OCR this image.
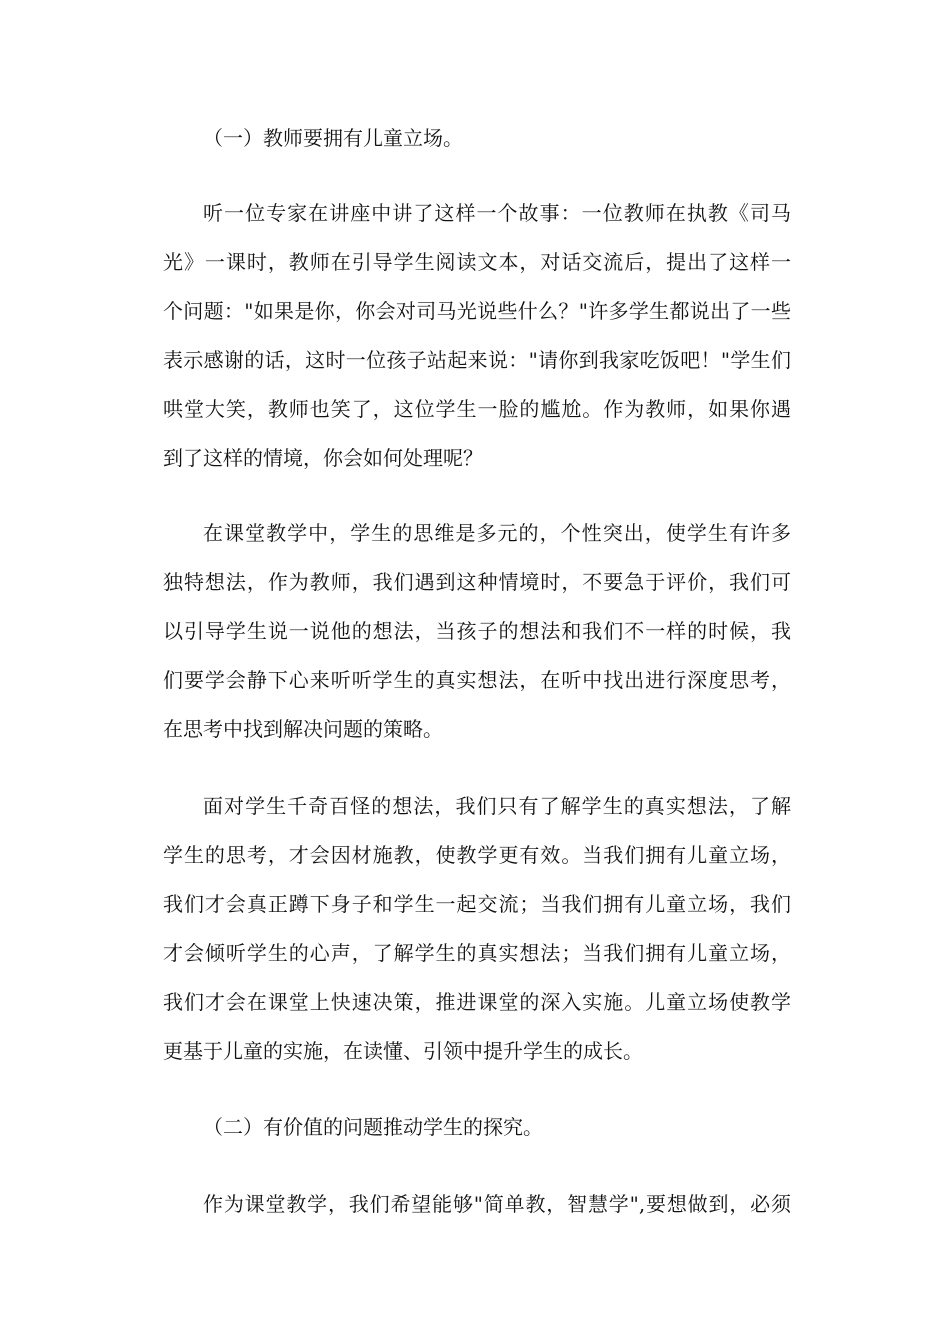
（一）教师要拥有儿童立场。
听一位专家在讲座中讲了这样一个故事：一位教师在执教《司马
光》一课时，教师在引导学生阅读文本，对话交流后，提出了这样一
个问题："如果是你，你会对司马光说些什么？"许多学生都说出了一些
表示感谢的话，这时一位孩子站起来说："请你到我家吃饭吧！"学生们
哄堂大笑，教师也笑了，这位学生一脸的尴尬。作为教师，如果你遇
到了这样的情境，你会如何处理呢？
在课堂教学中，学生的思维是多元的，个性突出，使学生有许多
独特想法，作为教师，我们遇到这种情境时，不要急于评价，我们可
以引导学生说一说他的想法，当孩子的想法和我们不一样的时候，我
们要学会静下心来听听学生的真实想法，在听中找出进行深度思考，
在思考中找到解决问题的策略。
面对学生千奇百怪的想法，我们只有了解学生的真实想法，了解
学生的思考，才会因材施教，使教学更有效。当我们拥有儿童立场，
我们才会真正蹲下身子和学生一起交流；当我们拥有儿童立场，我们
才会倾听学生的心声，了解学生的真实想法；当我们拥有儿童立场，
我们才会在课堂上快速决策，推进课堂的深入实施。儿童立场使教学
更基于儿童的实施，在读懂、引领中提升学生的成长。
（二）有价值的问题推动学生的探究。
作为课堂教学，我们希望能够"简单教，智慧学",要想做到，必须
